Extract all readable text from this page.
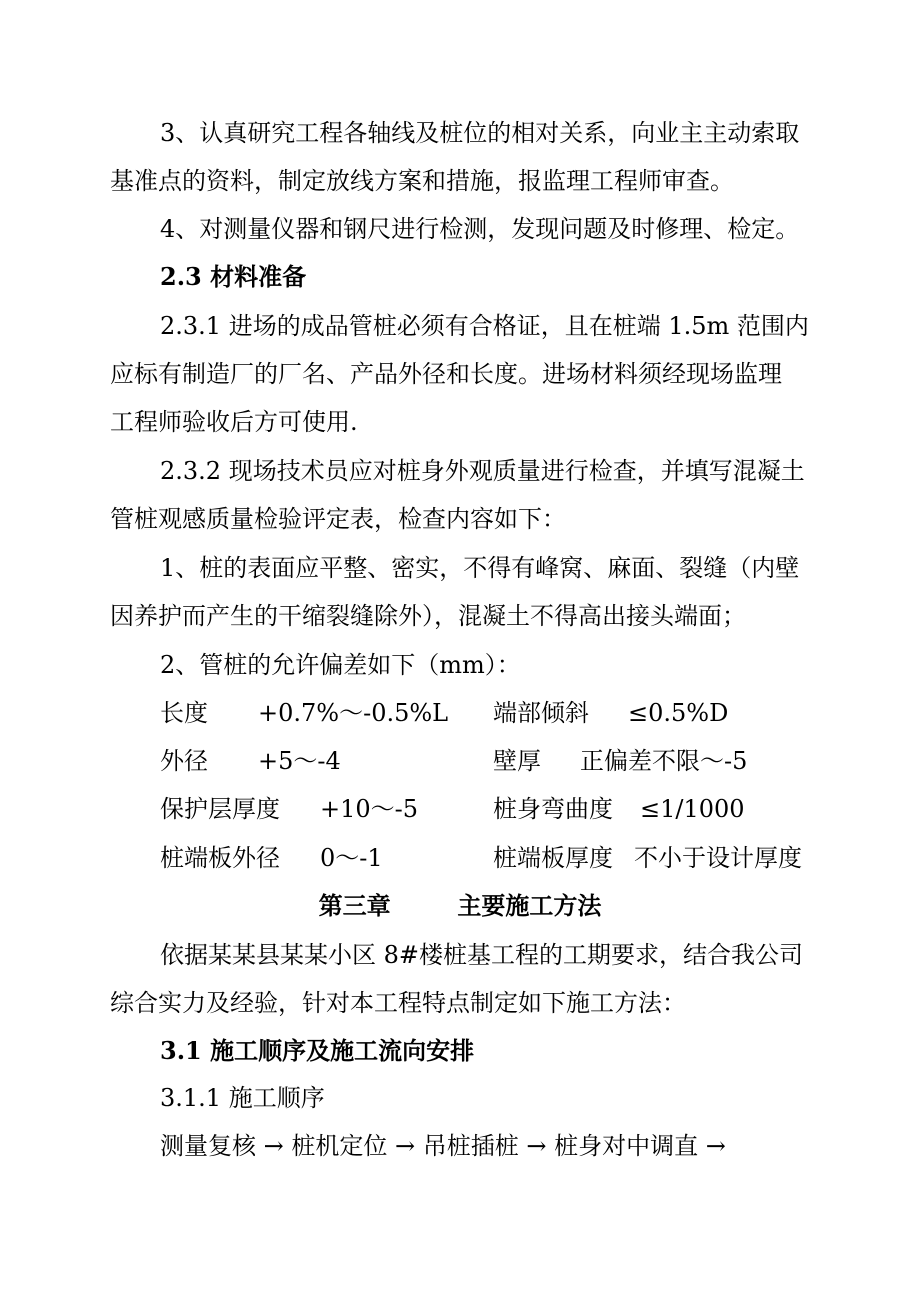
3、认真研究工程各轴线及桩位的相对关系，向业主主动索取
基准点的资料，制定放线方案和措施，报监理工程师审查。
4、对测量仪器和钢尺进行检测，发现问题及时修理、检定。
2.3 材料准备
2.3.1 进场的成品管桩必须有合格证，且在桩端 1.5m 范围内
应标有制造厂的厂名、产品外径和长度。进场材料须经现场监理
工程师验收后方可使用.
2.3.2 现场技术员应对桩身外观质量进行检查，并填写混凝土
管桩观感质量检验评定表，检查内容如下：
1、桩的表面应平整、密实，不得有峰窝、麻面、裂缝（内壁
因养护而产生的干缩裂缝除外），混凝土不得高出接头端面；
2、管桩的允许偏差如下（mm）：
长度 +0.7%～-0.5%L 端部倾斜 ≤0.5%D
外径 +5～-4	壁厚 正偏差不限～-5
保护层厚度 +10～-5	桩身弯曲度 ≤1/1000
桩端板外径 0～-1	桩端板厚度 不小于设计厚度
第三章        主要施工方法
依据某某县某某小区 8#楼桩基工程的工期要求，结合我公司
综合实力及经验，针对本工程特点制定如下施工方法：
3.1 施工顺序及施工流向安排
3.1.1 施工顺序
测量复核 → 桩机定位 → 吊桩插桩 → 桩身对中调直 →
